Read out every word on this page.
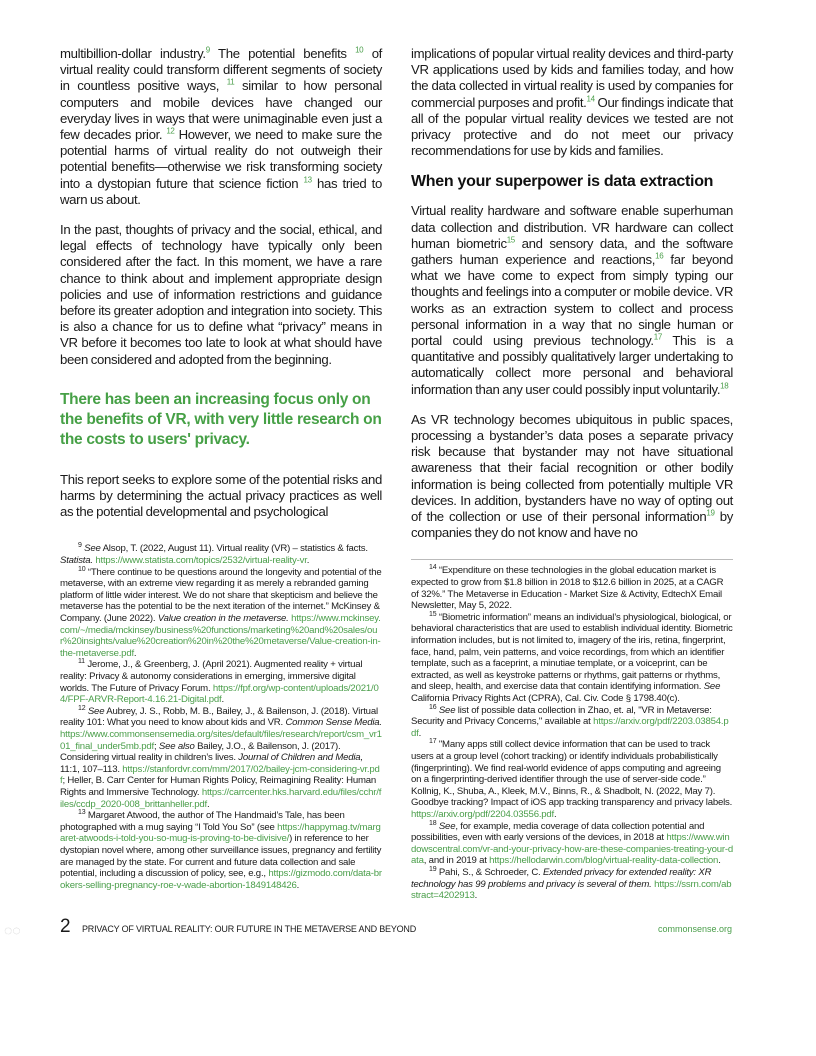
multibillion-dollar industry.$^9$ The potential benefits $^{10}$ of virtual reality could transform different segments of society in countless positive ways, $^{11}$ similar to how personal computers and mobile devices have changed our everyday lives in ways that were unimaginable even just a few decades prior. $^{12}$ However, we need to make sure the potential harms of virtual reality do not outweigh their potential benefits—otherwise we risk transforming society into a dystopian future that science fiction $^{13}$ has tried to warn us about.

In the past, thoughts of privacy and the social, ethical, and legal effects of technology have typically only been considered after the fact. In this moment, we have a rare chance to think about and implement appropriate design policies and use of information restrictions and guidance before its greater adoption and integration into society. This is also a chance for us to define what “privacy” means in VR before it becomes too late to look at what should have been considered and adopted from the beginning.

There has been an increasing focus only on the benefits of VR, with very little research on the costs to users' privacy.

This report seeks to explore some of the potential risks and harms by determining the actual privacy practices as well as the potential developmental and psychological

$^9$ See Alsop, T. (2022, August 11). Virtual reality (VR) – statistics & facts. Statista. https://www.statista.com/topics/2532/virtual-reality-vr.

$^{10}$ “There continue to be questions around the longevity and potential of the metaverse, with an extreme view regarding it as merely a rebranded gaming platform of little wider interest. We do not share that skepticism and believe the metaverse has the potential to be the next iteration of the internet.” McKinsey & Company. (June 2022). Value creation in the metaverse. https://www.mckinsey.com/~/media/mckinsey/business%20functions/marketing%20and%20sales/our%20insights/value%20creation%20in%20the%20metaverse/Value-creation-in-the-metaverse.pdf.

$^{11}$ Jerome, J., & Greenberg, J. (April 2021). Augmented reality + virtual reality: Privacy & autonomy considerations in emerging, immersive digital worlds. The Future of Privacy Forum. https://fpf.org/wp-content/uploads/2021/04/FPF-ARVR-Report-4.16.21-Digital.pdf.

$^{12}$ See Aubrey, J. S., Robb, M. B., Bailey, J., & Bailenson, J. (2018). Virtual reality 101: What you need to know about kids and VR. Common Sense Media. https://www.commonsensemedia.org/sites/default/files/research/report/csm_vr101_final_under5mb.pdf; See also Bailey, J.O., & Bailenson, J. (2017). Considering virtual reality in children’s lives. Journal of Children and Media, 11:1, 107–113. https://stanfordvr.com/mm/2017/02/bailey-jcm-considering-vr.pdf; Heller, B. Carr Center for Human Rights Policy, Reimagining Reality: Human Rights and Immersive Technology. https://carrcenter.hks.harvard.edu/files/cchr/files/ccdp_2020-008_brittanheller.pdf.

$^{13}$ Margaret Atwood, the author of The Handmaid’s Tale, has been photographed with a mug saying “I Told You So” (see https://happymag.tv/margaret-atwoods-i-told-you-so-mug-is-proving-to-be-divisive/) in reference to her dystopian novel where, among other surveillance issues, pregnancy and fertility are managed by the state. For current and future data collection and sale potential, including a discussion of policy, see, e.g., https://gizmodo.com/data-brokers-selling-pregnancy-roe-v-wade-abortion-1849148426.

implications of popular virtual reality devices and third-party VR applications used by kids and families today, and how the data collected in virtual reality is used by companies for commercial purposes and profit.$^{14}$ Our findings indicate that all of the popular virtual reality devices we tested are not privacy protective and do not meet our privacy recommendations for use by kids and families.

When your superpower is data extraction

Virtual reality hardware and software enable superhuman data collection and distribution. VR hardware can collect human biometric$^{15}$ and sensory data, and the software gathers human experience and reactions,$^{16}$ far beyond what we have come to expect from simply typing our thoughts and feelings into a computer or mobile device. VR works as an extraction system to collect and process personal information in a way that no single human or portal could using previous technology.$^{17}$ This is a quantitative and possibly qualitatively larger undertaking to automatically collect more personal and behavioral information than any user could possibly input voluntarily.$^{18}$

As VR technology becomes ubiquitous in public spaces, processing a bystander’s data poses a separate privacy risk because that bystander may not have situational awareness that their facial recognition or other bodily information is being collected from potentially multiple VR devices. In addition, bystanders have no way of opting out of the collection or use of their personal information$^{19}$ by companies they do not know and have no

$^{14}$ “Expenditure on these technologies in the global education market is expected to grow from $1.8 billion in 2018 to $12.6 billion in 2025, at a CAGR of 32%.” The Metaverse in Education - Market Size & Activity, EdtechX Email Newsletter, May 5, 2022.

$^{15}$ “Biometric information” means an individual’s physiological, biological, or behavioral characteristics that are used to establish individual identity. Biometric information includes, but is not limited to, imagery of the iris, retina, fingerprint, face, hand, palm, vein patterns, and voice recordings, from which an identifier template, such as a faceprint, a minutiae template, or a voiceprint, can be extracted, as well as keystroke patterns or rhythms, gait patterns or rhythms, and sleep, health, and exercise data that contain identifying information. See California Privacy Rights Act (CPRA), Cal. Civ. Code § 1798.40(c).

$^{16}$ See list of possible data collection in Zhao, et. al, "VR in Metaverse: Security and Privacy Concerns," available at https://arxiv.org/pdf/2203.03854.pdf.

$^{17}$ "Many apps still collect device information that can be used to track users at a group level (cohort tracking) or identify individuals probabilistically (fingerprinting). We find real-world evidence of apps computing and agreeing on a fingerprinting-derived identifier through the use of server-side code.” Kollnig, K., Shuba, A., Kleek, M.V., Binns, R., & Shadbolt, N. (2022, May 7). Goodbye tracking? Impact of iOS app tracking transparency and privacy labels. https://arxiv.org/pdf/2204.03556.pdf.

$^{18}$ See, for example, media coverage of data collection potential and possibilities, even with early versions of the devices, in 2018 at https://www.windowscentral.com/vr-and-your-privacy-how-are-these-companies-treating-your-data, and in 2019 at https://hellodarwin.com/blog/virtual-reality-data-collection.

$^{19}$ Pahi, S., & Schroeder, C. Extended privacy for extended reality: XR technology has 99 problems and privacy is several of them. https://ssrn.com/abstract=4202913.

◌◌ 2 PRIVACY OF VIRTUAL REALITY: OUR FUTURE IN THE METAVERSE AND BEYOND	commonsense.org
